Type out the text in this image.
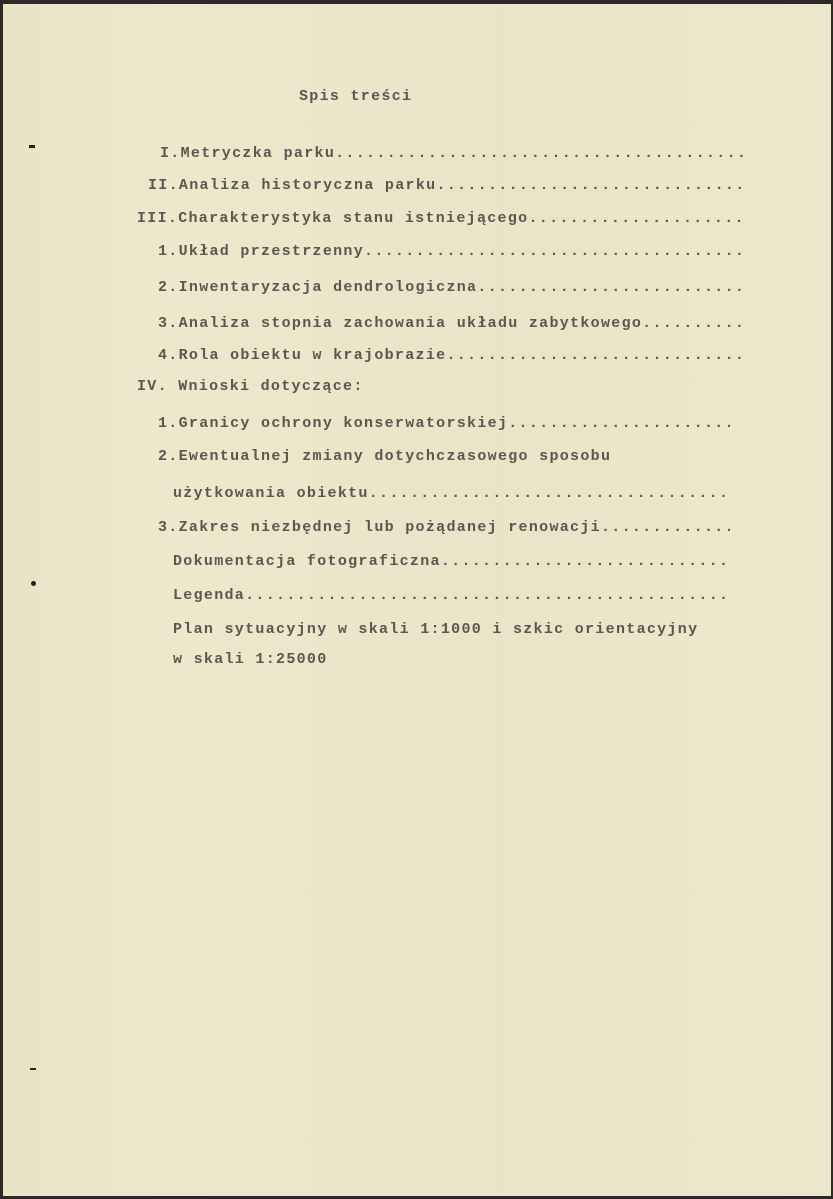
Spis treści
I.Metryczka parku
.....
II.Analiza historyczna parku
.....
III.Charakterystyka stanu istniejącego
.....
1.Układ przestrzenny
.....
2.Inwentaryzacja dendrologiczna
.....
3.Analiza stopnia zachowania układu zabytkowego
.....
4.Rola obiektu w krajobrazie
.....
IV. Wnioski dotyczące:
1.Granicy ochrony konserwatorskiej
.....
2.Ewentualnej zmiany dotychczasowego sposobu
użytkowania obiektu
.....
3.Zakres niezbędnej lub pożądanej renowacji
.....
Dokumentacja fotograficzna
.....
Legenda
.....
Plan sytuacyjny w skali 1:1000 i szkic orientacyjny
w skali 1:25000
